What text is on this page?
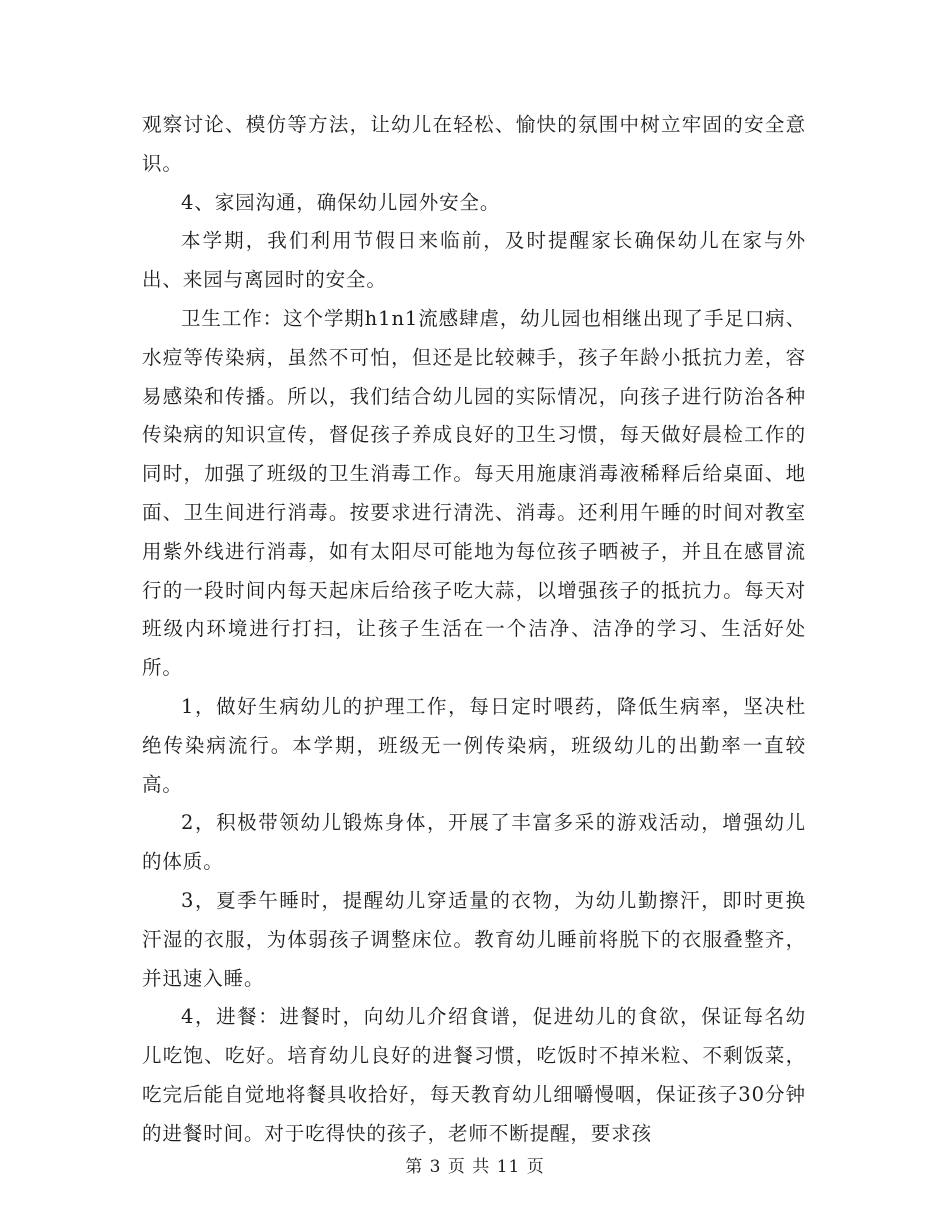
观察讨论、模仿等方法，让幼儿在轻松、愉快的氛围中树立牢固的安全意识。

4、家园沟通，确保幼儿园外安全。

本学期，我们利用节假日来临前，及时提醒家长确保幼儿在家与外出、来园与离园时的安全。

卫生工作：这个学期h1n1流感肆虐，幼儿园也相继出现了手足口病、水痘等传染病，虽然不可怕，但还是比较棘手，孩子年龄小抵抗力差，容易感染和传播。所以，我们结合幼儿园的实际情况，向孩子进行防治各种传染病的知识宣传，督促孩子养成良好的卫生习惯，每天做好晨检工作的同时，加强了班级的卫生消毒工作。每天用施康消毒液稀释后给桌面、地面、卫生间进行消毒。按要求进行清洗、消毒。还利用午睡的时间对教室用紫外线进行消毒，如有太阳尽可能地为每位孩子晒被子，并且在感冒流行的一段时间内每天起床后给孩子吃大蒜，以增强孩子的抵抗力。每天对班级内环境进行打扫，让孩子生活在一个洁净、洁净的学习、生活好处所。

1，做好生病幼儿的护理工作，每日定时喂药，降低生病率，坚决杜绝传染病流行。本学期，班级无一例传染病，班级幼儿的出勤率一直较高。

2，积极带领幼儿锻炼身体，开展了丰富多采的游戏活动，增强幼儿的体质。

3，夏季午睡时，提醒幼儿穿适量的衣物，为幼儿勤擦汗，即时更换汗湿的衣服，为体弱孩子调整床位。教育幼儿睡前将脱下的衣服叠整齐，并迅速入睡。

4，进餐：进餐时，向幼儿介绍食谱，促进幼儿的食欲，保证每名幼儿吃饱、吃好。培育幼儿良好的进餐习惯，吃饭时不掉米粒、不剩饭菜，吃完后能自觉地将餐具收拾好，每天教育幼儿细嚼慢咽，保证孩子30分钟的进餐时间。对于吃得快的孩子，老师不断提醒，要求孩

第 3 页 共 11 页
